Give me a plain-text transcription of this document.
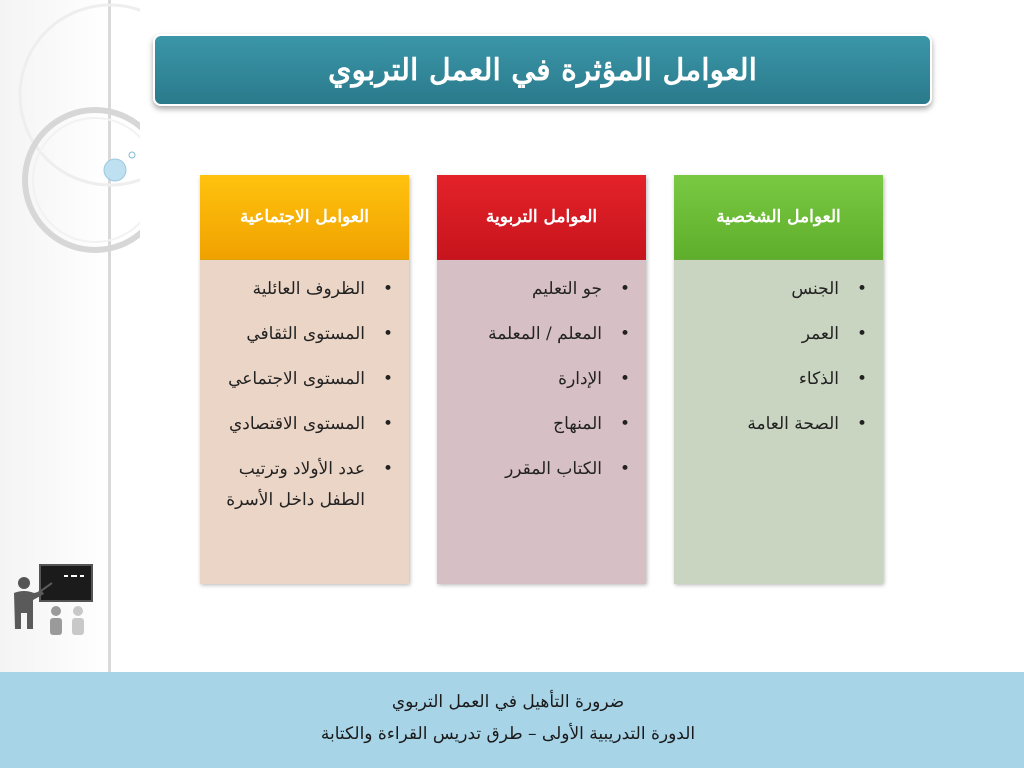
العوامل المؤثرة في العمل التربوي
العوامل الاجتماعية
• الظروف العائلية
• المستوى الثقافي
• المستوى الاجتماعي
• المستوى الاقتصادي
• عدد الأولاد وترتيب الطفل داخل الأسرة
العوامل التربوية
• جو التعليم
• المعلم / المعلمة
• الإدارة
• المنهاج
• الكتاب المقرر
العوامل الشخصية
• الجنس
• العمر
• الذكاء
• الصحة العامة
ضرورة التأهيل في العمل التربوي
الدورة التدريبية الأولى – طرق تدريس القراءة والكتابة
